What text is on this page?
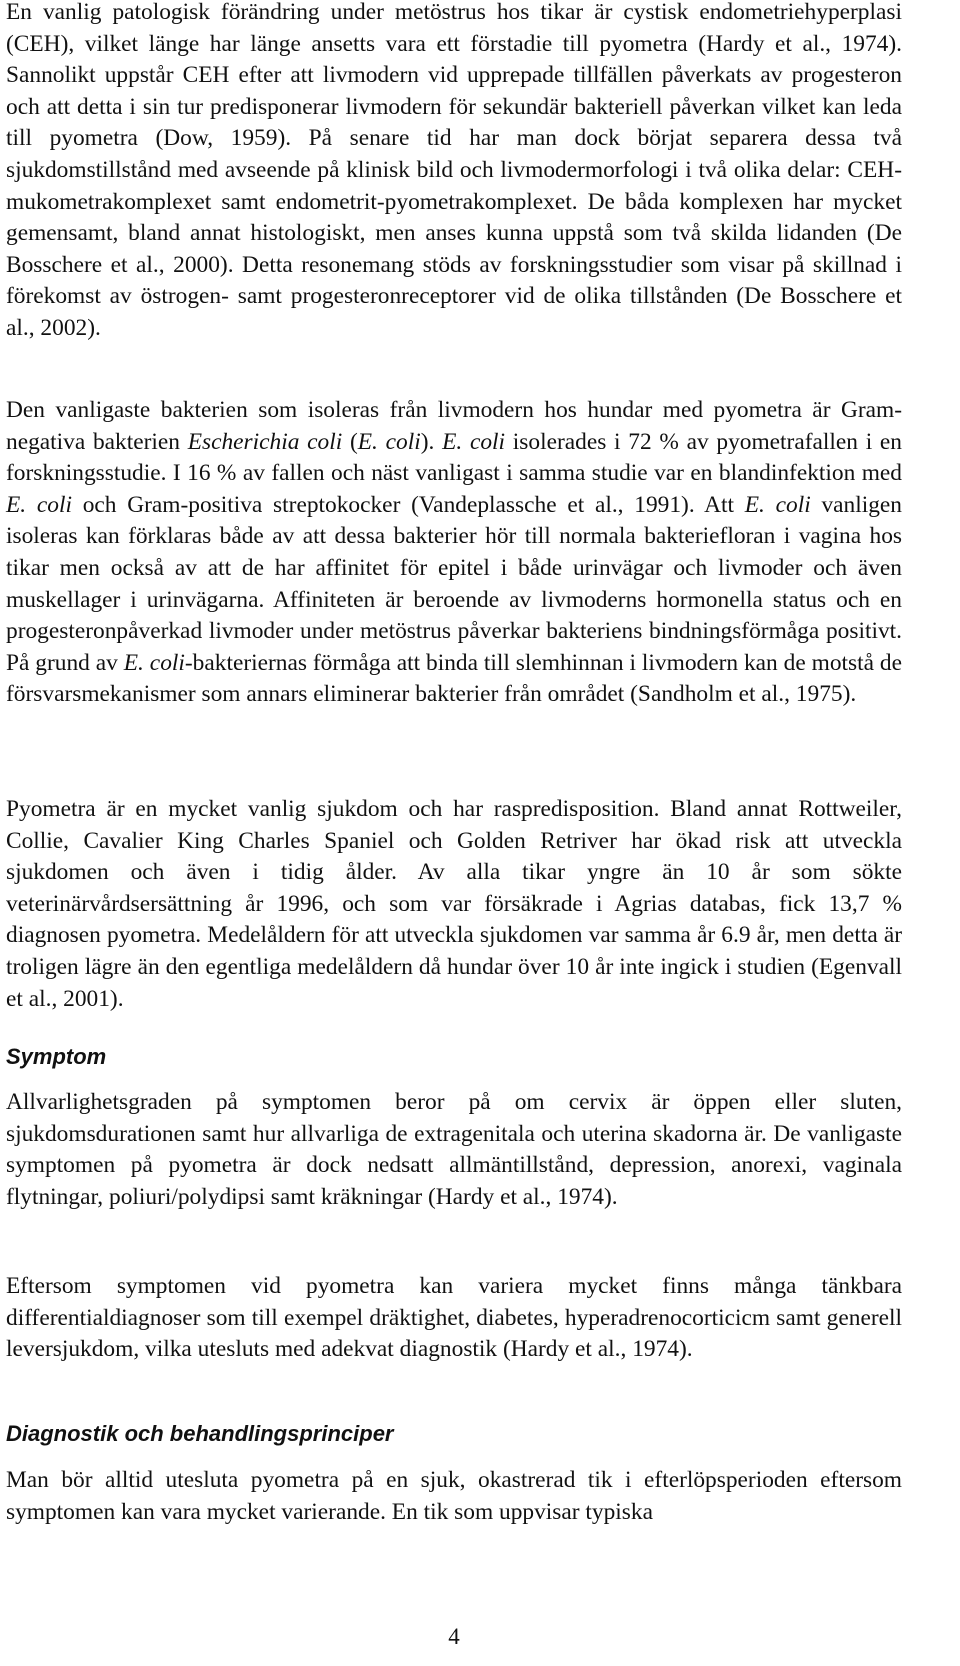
En vanlig patologisk förändring under metöstrus hos tikar är cystisk endometriehyperplasi (CEH), vilket länge har länge ansetts vara ett förstadie till pyometra (Hardy et al., 1974). Sannolikt uppstår CEH efter att livmodern vid upprepade tillfällen påverkats av progesteron och att detta i sin tur predisponerar livmodern för sekundär bakteriell påverkan vilket kan leda till pyometra (Dow, 1959). På senare tid har man dock börjat separera dessa två sjukdomstillstånd med avseende på klinisk bild och livmodermorfologi i två olika delar: CEH-mukometrakomplexet samt endometrit-pyometrakomplexet. De båda komplexen har mycket gemensamt, bland annat histologiskt, men anses kunna uppstå som två skilda lidanden (De Bosschere et al., 2000). Detta resonemang stöds av forskningsstudier som visar på skillnad i förekomst av östrogen- samt progesteronreceptorer vid de olika tillstånden (De Bosschere et al., 2002).

Den vanligaste bakterien som isoleras från livmodern hos hundar med pyometra är Gram-negativa bakterien Escherichia coli (E. coli). E. coli isolerades i 72 % av pyometrafallen i en forskningsstudie. I 16 % av fallen och näst vanligast i samma studie var en blandinfektion med E. coli och Gram-positiva streptokocker (Vandeplassche et al., 1991). Att E. coli vanligen isoleras kan förklaras både av att dessa bakterier hör till normala bakteriefloran i vagina hos tikar men också av att de har affinitet för epitel i både urinvägar och livmoder och även muskellager i urinvägarna. Affiniteten är beroende av livmoderns hormonella status och en progesteronpåverkad livmoder under metöstrus påverkar bakteriens bindningsförmåga positivt. På grund av E. coli-bakteriernas förmåga att binda till slemhinnan i livmodern kan de motstå de försvarsmekanismer som annars eliminerar bakterier från området (Sandholm et al., 1975).

Pyometra är en mycket vanlig sjukdom och har raspredisposition. Bland annat Rottweiler, Collie, Cavalier King Charles Spaniel och Golden Retriver har ökad risk att utveckla sjukdomen och även i tidig ålder. Av alla tikar yngre än 10 år som sökte veterinärvårdsersättning år 1996, och som var försäkrade i Agrias databas, fick 13,7 % diagnosen pyometra. Medelåldern för att utveckla sjukdomen var samma år 6.9 år, men detta är troligen lägre än den egentliga medelåldern då hundar över 10 år inte ingick i studien (Egenvall et al., 2001).

Symptom

Allvarlighetsgraden på symptomen beror på om cervix är öppen eller sluten, sjukdomsdurationen samt hur allvarliga de extragenitala och uterina skadorna är. De vanligaste symptomen på pyometra är dock nedsatt allmäntillstånd, depression, anorexi, vaginala flytningar, poliuri/polydipsi samt kräkningar (Hardy et al., 1974).

Eftersom symptomen vid pyometra kan variera mycket finns många tänkbara differentialdiagnoser som till exempel dräktighet, diabetes, hyperadrenocorticicm samt generell leversjukdom, vilka utesluts med adekvat diagnostik (Hardy et al., 1974).

Diagnostik och behandlingsprinciper

Man bör alltid utesluta pyometra på en sjuk, okastrerad tik i efterlöpsperioden eftersom symptomen kan vara mycket varierande. En tik som uppvisar typiska

4
